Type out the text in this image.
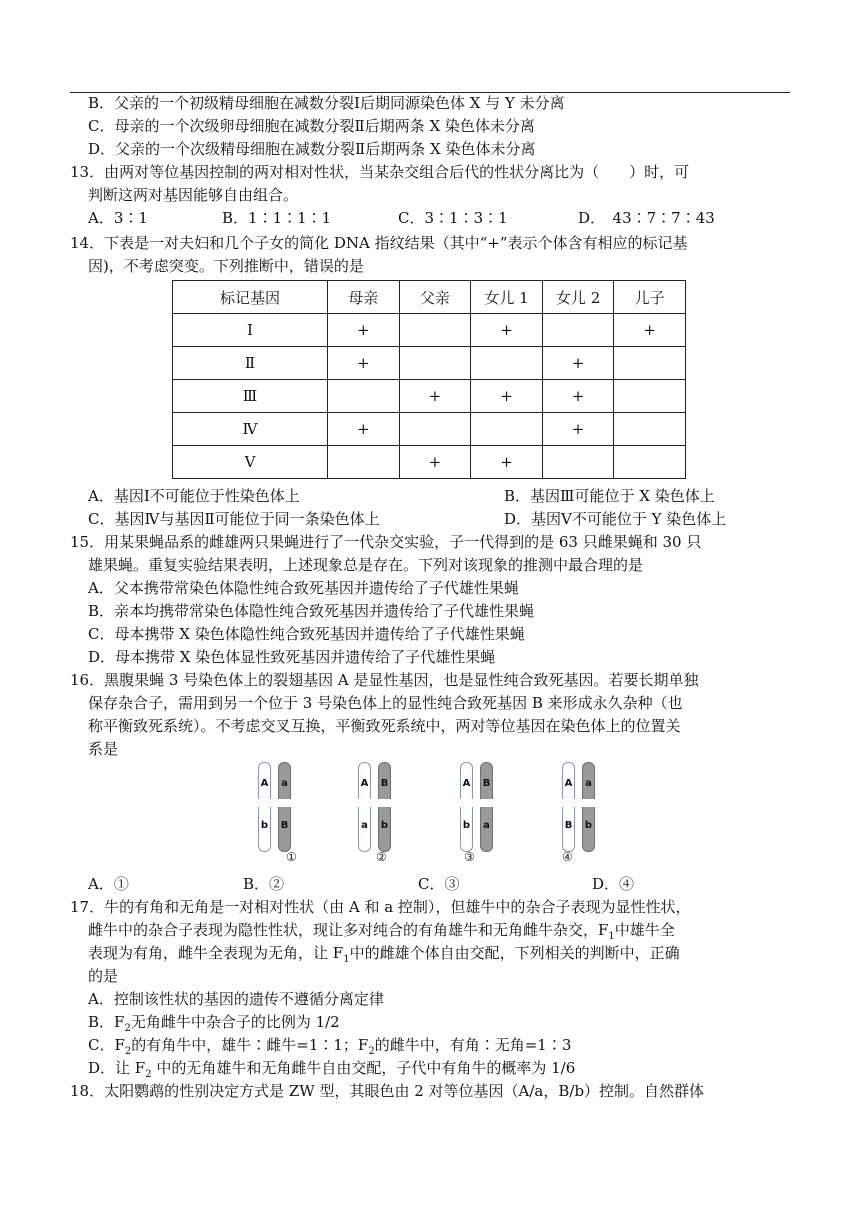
B．父亲的一个初级精母细胞在减数分裂Ⅰ后期同源染色体 X 与 Y 未分离
C．母亲的一个次级卵母细胞在减数分裂Ⅱ后期两条 X 染色体未分离
D．父亲的一个次级精母细胞在减数分裂Ⅱ后期两条 X 染色体未分离
13．由两对等位基因控制的两对相对性状，当某杂交组合后代的性状分离比为（　　）时，可
判断这两对基因能够自由组合。
A．3∶1	B．1∶1∶1∶1	C．3∶1∶3∶1	D．　43∶7∶7∶43
14．下表是一对夫妇和几个子女的简化 DNA 指纹结果（其中“+”表示个体含有相应的标记基
因)，不考虑突变。下列推断中，错误的是
标记基因	母亲	父亲	女儿 1	女儿 2	儿子
Ⅰ	+		+		+
Ⅱ	+			+	
Ⅲ		+	+	+	
Ⅳ	+			+	
Ⅴ		+	+		
A．基因Ⅰ不可能位于性染色体上	B．基因Ⅲ可能位于 X 染色体上
C．基因Ⅳ与基因Ⅱ可能位于同一条染色体上	D．基因Ⅴ不可能位于 Y 染色体上
15．用某果蝇品系的雌雄两只果蝇进行了一代杂交实验，子一代得到的是 63 只雌果蝇和 30 只
雄果蝇。重复实验结果表明，上述现象总是存在。下列对该现象的推测中最合理的是
A．父本携带常染色体隐性纯合致死基因并遗传给了子代雄性果蝇
B．亲本均携带常染色体隐性纯合致死基因并遗传给了子代雄性果蝇
C．母本携带 X 染色体隐性纯合致死基因并遗传给了子代雄性果蝇
D．母本携带 X 染色体显性致死基因并遗传给了子代雄性果蝇
16．黑腹果蝇 3 号染色体上的裂翅基因 A 是显性基因，也是显性纯合致死基因。若要长期单独
保存杂合子，需用到另一个位于 3 号染色体上的显性纯合致死基因 B 来形成永久杂种（也
称平衡致死系统）。不考虑交叉互换，平衡致死系统中，两对等位基因在染色体上的位置关
系是
A
b
a
B
①
A
a
B
b
②
A
b
B
a
③
A
B
a
b
④
A．①	B．②	C．③	D．④
17．牛的有角和无角是一对相对性状（由 A 和 a 控制），但雄牛中的杂合子表现为显性性状，
雌牛中的杂合子表现为隐性性状，现让多对纯合的有角雄牛和无角雌牛杂交，$F_1$中雄牛全
表现为有角，雌牛全表现为无角，让 $F_1$中的雌雄个体自由交配，下列相关的判断中，正确
的是
A．控制该性状的基因的遗传不遵循分离定律
B．$F_2$无角雌牛中杂合子的比例为 1/2
C．$F_2$的有角牛中，雄牛∶雌牛=1∶1；$F_2$的雌牛中，有角∶无角=1∶3
D．让 $F_2$ 中的无角雄牛和无角雌牛自由交配，子代中有角牛的概率为 1/6
18．太阳鹦鹉的性别决定方式是 ZW 型，其眼色由 2 对等位基因（A/a，B/b）控制。自然群体
